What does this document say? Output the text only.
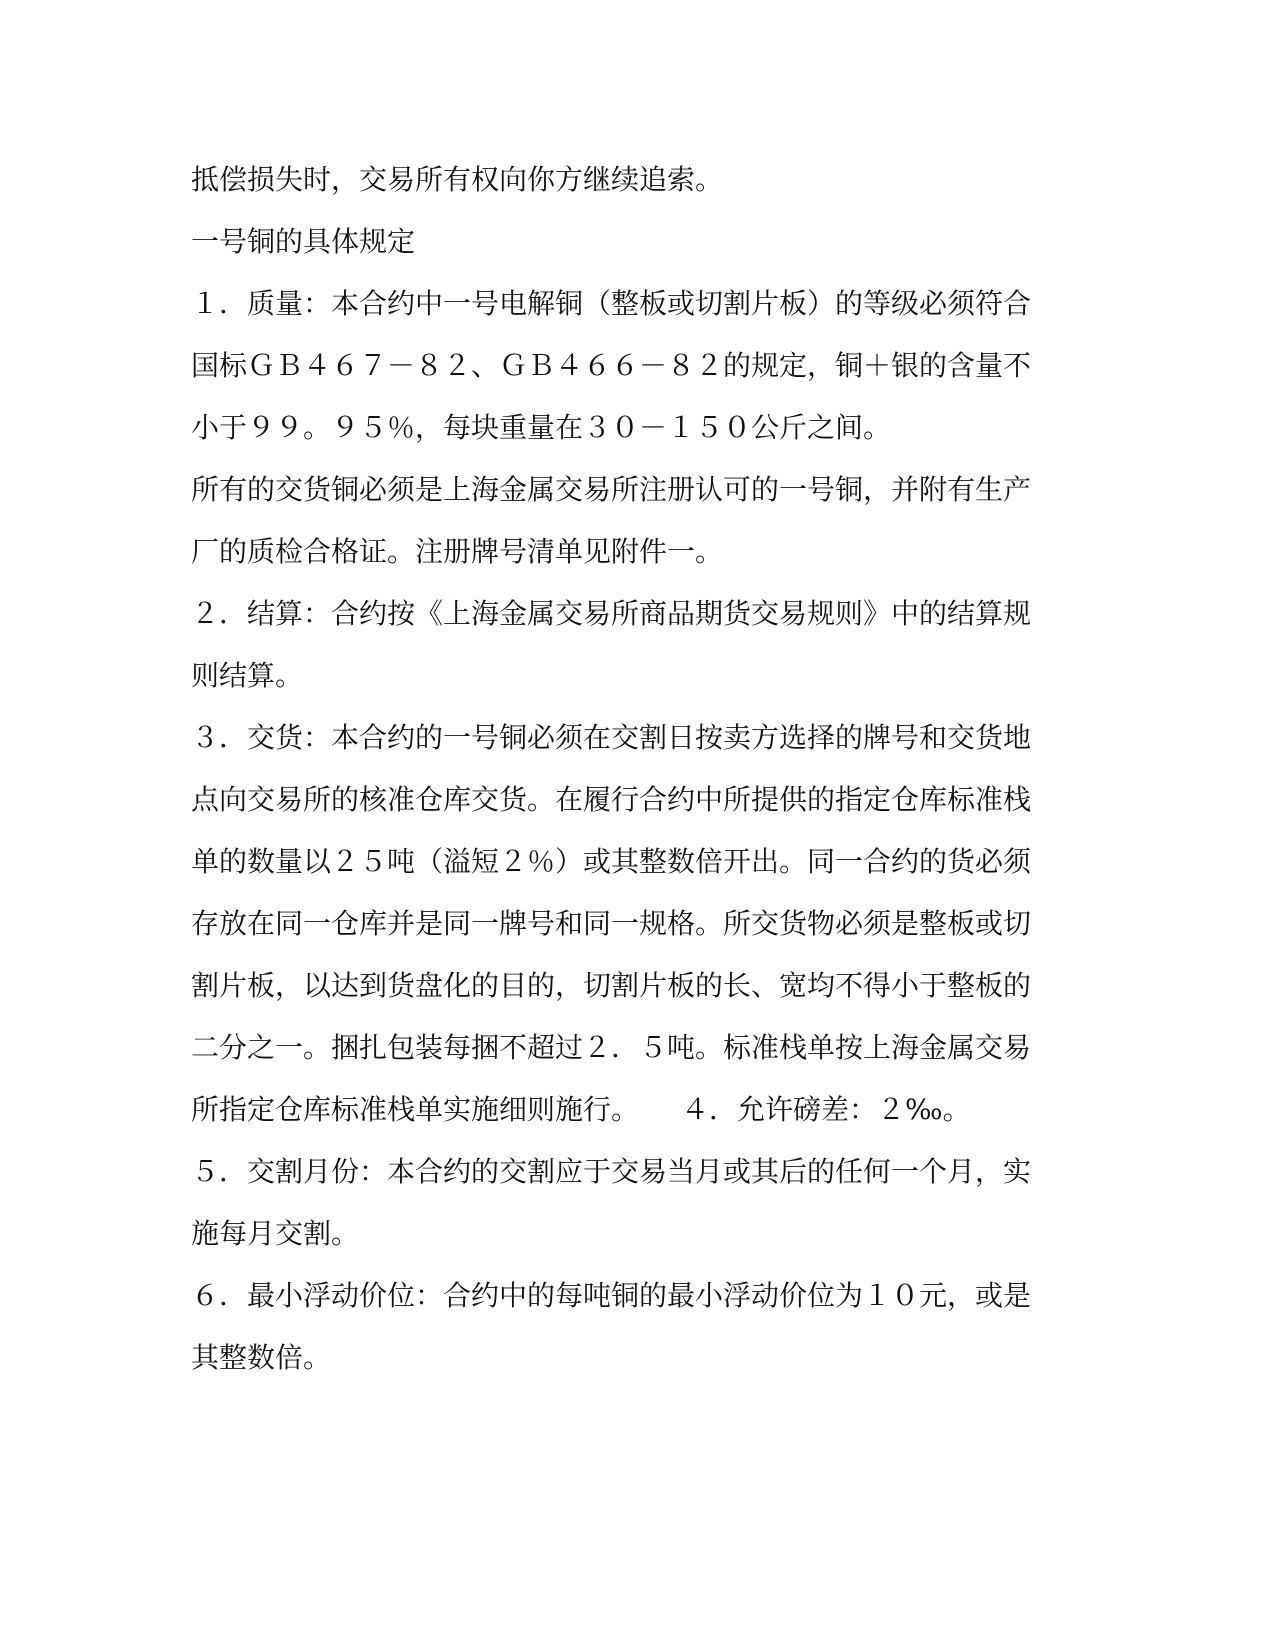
抵偿损失时，交易所有权向你方继续追索。
一号铜的具体规定
１．质量：本合约中一号电解铜（整板或切割片板）的等级必须符合
国标ＧＢ４６７－８２、ＧＢ４６６－８２的规定，铜＋银的含量不
小于９９。９５％，每块重量在３０－１５０公斤之间。
所有的交货铜必须是上海金属交易所注册认可的一号铜，并附有生产
厂的质检合格证。注册牌号清单见附件一。
２．结算：合约按《上海金属交易所商品期货交易规则》中的结算规
则结算。
３．交货：本合约的一号铜必须在交割日按卖方选择的牌号和交货地
点向交易所的核准仓库交货。在履行合约中所提供的指定仓库标准栈
单的数量以２５吨（溢短２％）或其整数倍开出。同一合约的货必须
存放在同一仓库并是同一牌号和同一规格。所交货物必须是整板或切
割片板，以达到货盘化的目的，切割片板的长、宽均不得小于整板的
二分之一。捆扎包装每捆不超过２．５吨。标准栈单按上海金属交易
所指定仓库标准栈单实施细则施行。　　４．允许磅差：２‰。
５．交割月份：本合约的交割应于交易当月或其后的任何一个月，实
施每月交割。
６．最小浮动价位：合约中的每吨铜的最小浮动价位为１０元，或是
其整数倍。
